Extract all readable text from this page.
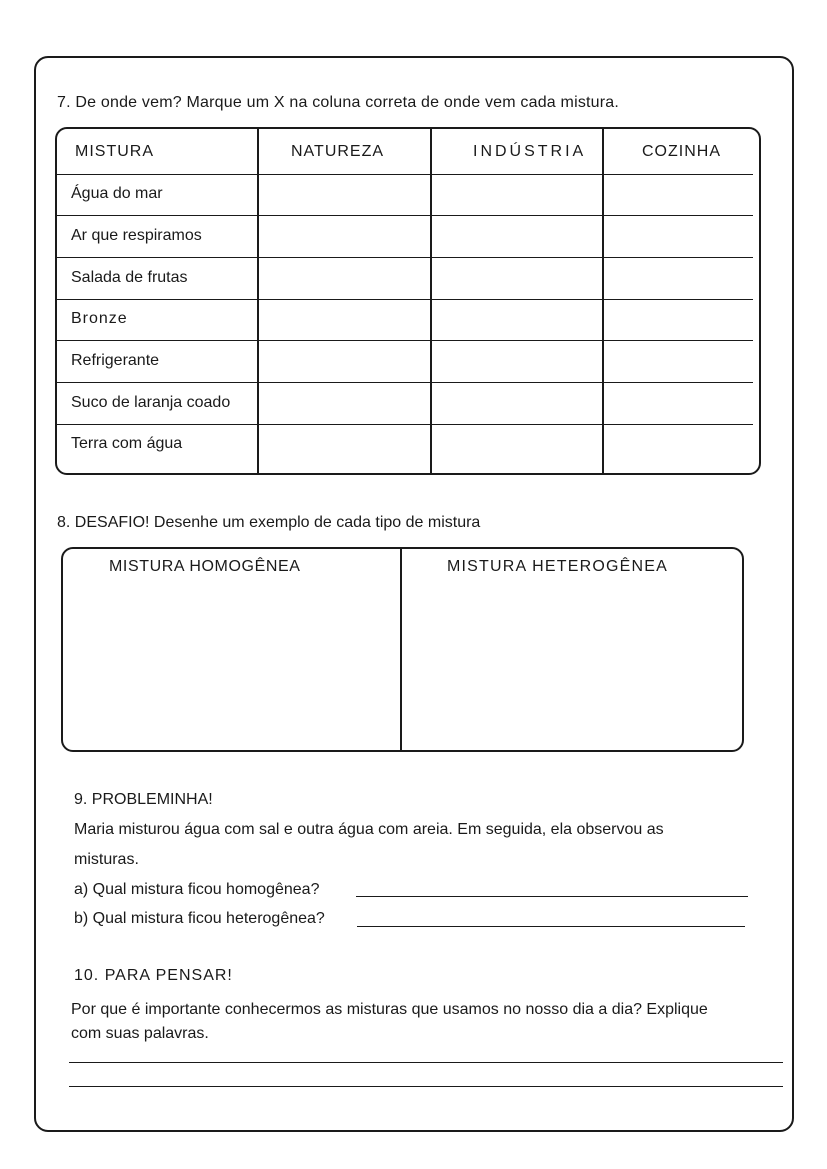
7. De onde vem? Marque um X na coluna correta de onde vem cada mistura.
MISTURA	NATUREZA	INDÚSTRIA	COZINHA
Água do mar
Ar que respiramos
Salada de frutas
Bronze
Refrigerante
Suco de laranja coado
Terra com água
8. DESAFIO! Desenhe um exemplo de cada tipo de mistura
MISTURA HOMOGÊNEA	MISTURA HETEROGÊNEA
9. PROBLEMINHA!
Maria misturou água com sal e outra água com areia. Em seguida, ela observou as
misturas.
a) Qual mistura ficou homogênea?
b) Qual mistura ficou heterogênea?
10. PARA PENSAR!
Por que é importante conhecermos as misturas que usamos no nosso dia a dia? Explique
com suas palavras.
